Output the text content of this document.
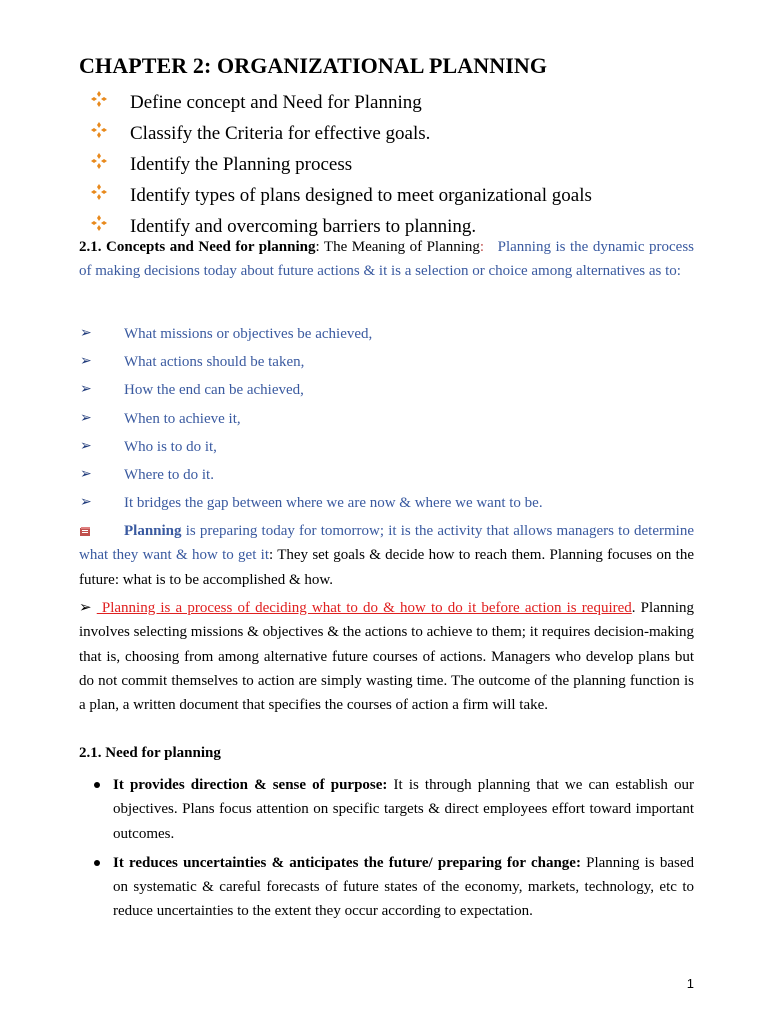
CHAPTER 2: ORGANIZATIONAL PLANNING
Define concept and Need for Planning
Classify the Criteria for effective goals.
Identify the Planning process
Identify types of plans designed to meet organizational goals
Identify and overcoming barriers to planning.

2.1. Concepts and Need for planning: The Meaning of Planning: Planning is the dynamic process of making decisions today about future actions & it is a selection or choice among alternatives as to:

➢ What missions or objectives be achieved,
➢ What actions should be taken,
➢ How the end can be achieved,
➢ When to achieve it,
➢ Who is to do it,
➢ Where to do it.
➢ It bridges the gap between where we are now & where we want to be.

Planning is preparing today for tomorrow; it is the activity that allows managers to determine what they want & how to get it: They set goals & decide how to reach them. Planning focuses on the future: what is to be accomplished & how.

➢  Planning is a process of deciding what to do & how to do it before action is required. Planning involves selecting missions & objectives & the actions to achieve to them; it requires decision-making that is, choosing from among alternative future courses of actions. Managers who develop plans but do not commit themselves to action are simply wasting time. The outcome of the planning function is a plan, a written document that specifies the courses of action a firm will take.

2.1. Need for planning
It provides direction & sense of purpose: It is through planning that we can establish our objectives. Plans focus attention on specific targets & direct employees effort toward important outcomes.
It reduces uncertainties & anticipates the future/ preparing for change: Planning is based on systematic & careful forecasts of future states of the economy, markets, technology, etc to reduce uncertainties to the extent they occur according to expectation.
1
